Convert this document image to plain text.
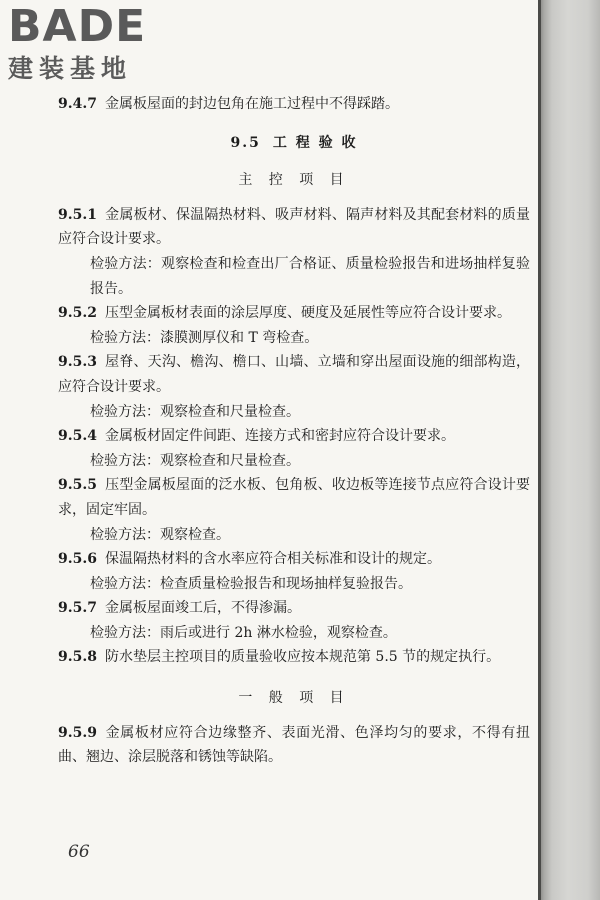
BADE
建装基地

9.4.7 金属板屋面的封边包角在施工过程中不得踩踏。

9.5 工 程 验 收
主 控 项 目

9.5.1 金属板材、保温隔热材料、吸声材料、隔声材料及其配套材料的质量应符合设计要求。

检验方法：观察检查和检查出厂合格证、质量检验报告和进场抽样复验报告。

9.5.2 压型金属板材表面的涂层厚度、硬度及延展性等应符合设计要求。

检验方法：漆膜测厚仪和 T 弯检查。

9.5.3 屋脊、天沟、檐沟、檐口、山墙、立墙和穿出屋面设施的细部构造，应符合设计要求。

检验方法：观察检查和尺量检查。

9.5.4 金属板材固定件间距、连接方式和密封应符合设计要求。

检验方法：观察检查和尺量检查。

9.5.5 压型金属板屋面的泛水板、包角板、收边板等连接节点应符合设计要求，固定牢固。

检验方法：观察检查。

9.5.6 保温隔热材料的含水率应符合相关标准和设计的规定。

检验方法：检查质量检验报告和现场抽样复验报告。

9.5.7 金属板屋面竣工后，不得渗漏。

检验方法：雨后或进行 2h 淋水检验，观察检查。

9.5.8 防水垫层主控项目的质量验收应按本规范第 5.5 节的规定执行。

一 般 项 目

9.5.9 金属板材应符合边缘整齐、表面光滑、色泽均匀的要求，不得有扭曲、翘边、涂层脱落和锈蚀等缺陷。

66
